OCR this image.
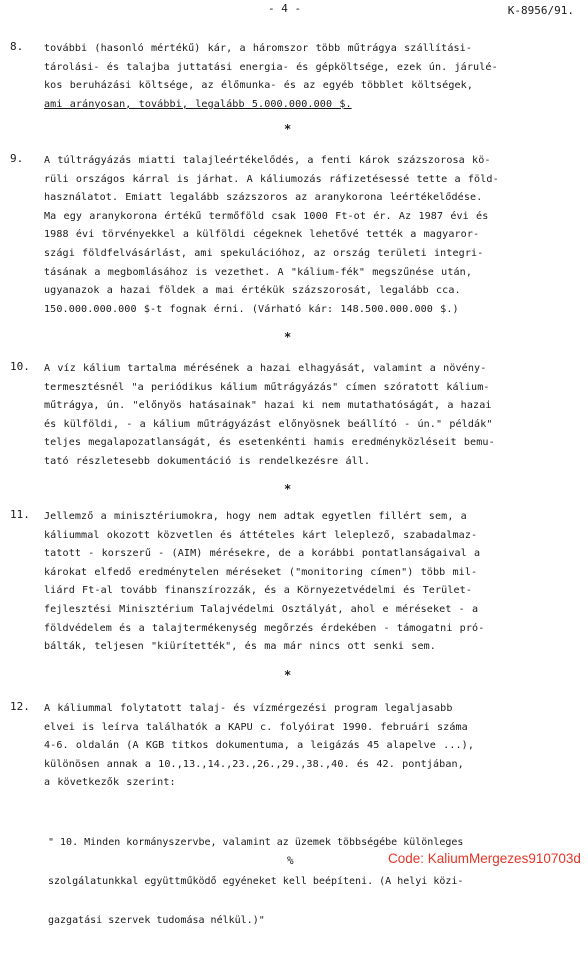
- 4 -	K-8956/91.
8. további (hasonló mértékű) kár, a háromszor több műtrágya szállítási-
tárolási- és talajba juttatási energia- és gépköltsége, ezek ún. járulé-
kos beruházási költsége, az élőmunka- és az egyéb többlet költségek,
ami arányosan, további, legalább 5.000.000.000 $.
*
9. A túltrágyázás miatti talajleértékelődés, a fenti károk százszorosa kö-
rüli országos kárral is járhat. A káliumozás ráfizetésessé tette a föld-
használatot. Emiatt legalább százszoros az aranykorona leértékelődése.
Ma egy aranykorona értékű termőföld csak 1000 Ft-ot ér. Az 1987 évi és
1988 évi törvényekkel a külföldi cégeknek lehetővé tették a magyaror-
szági földfelvásárlást, ami spekulációhoz, az ország területi integri-
tásának a megbomlásához is vezethet. A "kálium-fék" megszűnése után,
ugyanazok a hazai földek a mai értékük százszorosát, legalább cca.
150.000.000.000 $-t fognak érni. (Várható kár: 148.500.000.000 $.)
*
10. A víz kálium tartalma mérésének a hazai elhagyását, valamint a növény-
termesztésnél "a periódikus kálium műtrágyázás" címen szóratott kálium-
műtrágya, ún. "előnyös hatásainak" hazai ki nem mutathatóságát, a hazai
és külföldi, - a kálium műtrágyázást előnyösnek beállító - ún." példák"
teljes megalapozatlanságát, és esetenkénti hamis eredményközléseit bemu-
tató részletesebb dokumentáció is rendelkezésre áll.
*
11. Jellemző a minisztériumokra, hogy nem adtak egyetlen fillért sem, a
káliummal okozott közvetlen és áttételes kárt leleplező, szabadalmaz-
tatott - korszerű - (AIM) mérésekre, de a korábbi pontatlanságaival a
károkat elfedő eredménytelen méréseket ("monitoring címen") több mil-
liárd Ft-al tovább finanszírozzák, és a Környezetvédelmi és Terület-
fejlesztési Minisztérium Talajvédelmi Osztályát, ahol e méréseket - a
földvédelem és a talajtermékenység megőrzés érdekében - támogatni pró-
bálták, teljesen "kiürítették", és ma már nincs ott senki sem.
*
12. A káliummal folytatott talaj- és vízmérgezési program legaljasabb
elvei is leírva találhatók a KAPU c. folyóirat 1990. februári száma
4-6. oldalán (A KGB titkos dokumentuma, a leigázás 45 alapelve ...),
különösen annak a 10.,13.,14.,23.,26.,29.,38.,40. és 42. pontjában,
a következők szerint:

" 10. Minden kormányszervbe, valamint az üzemek többségébe különleges

szolgálatunkkal együttműködő egyéneket kell beépíteni. (A helyi közi-

gazgatási szervek tudomása nélkül.)"

%	Code: KaliumMergezes910703d
